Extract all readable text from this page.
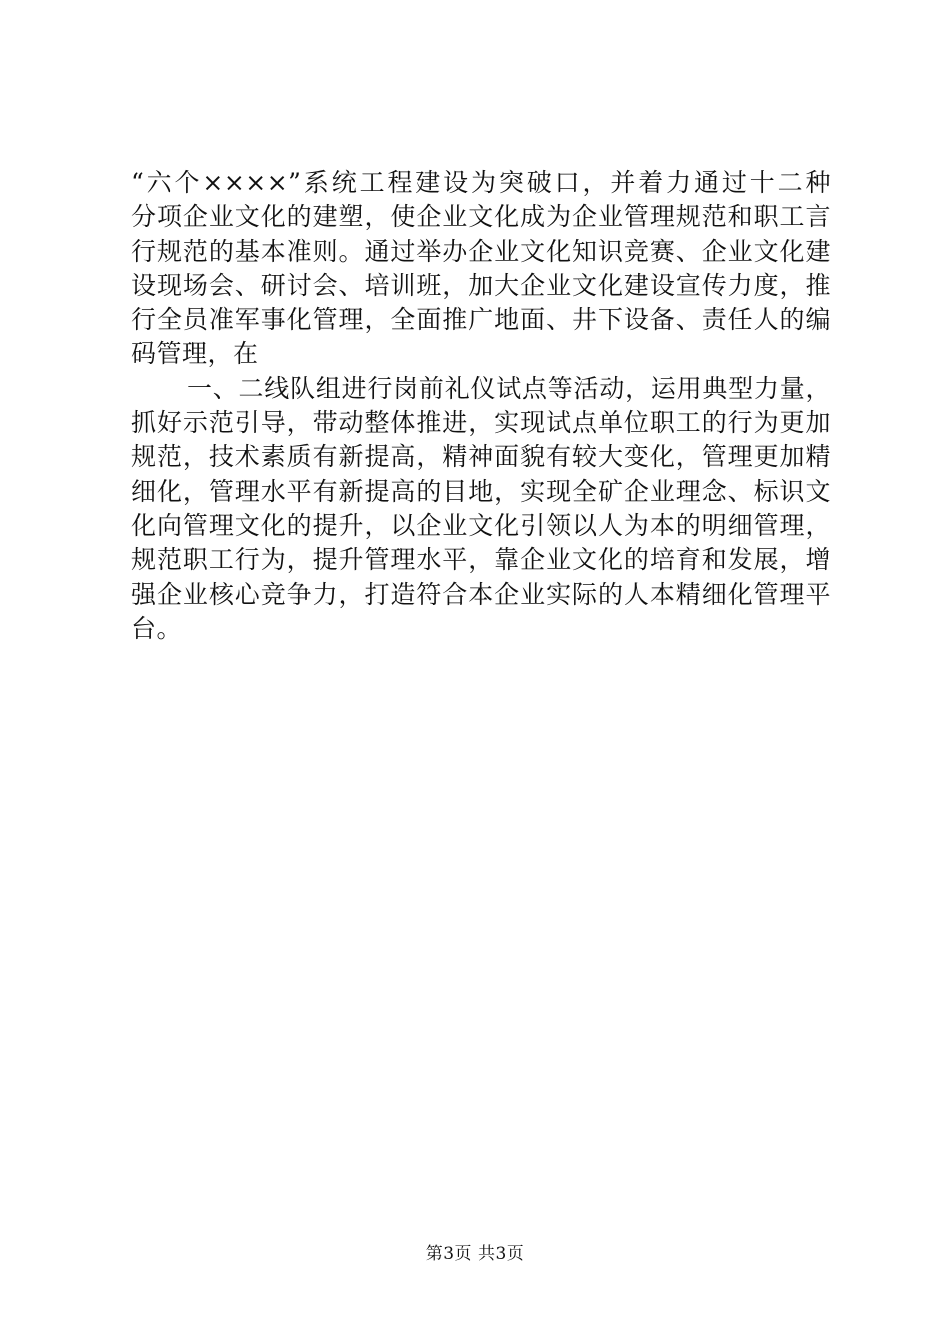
“六个××××”系统工程建设为突破口，并着力通过十二种
分项企业文化的建塑，使企业文化成为企业管理规范和职工言
行规范的基本准则。通过举办企业文化知识竞赛、企业文化建
设现场会、研讨会、培训班，加大企业文化建设宣传力度，推
行全员准军事化管理，全面推广地面、井下设备、责任人的编
码管理，在
一、二线队组进行岗前礼仪试点等活动，运用典型力量，
抓好示范引导，带动整体推进，实现试点单位职工的行为更加
规范，技术素质有新提高，精神面貌有较大变化，管理更加精
细化，管理水平有新提高的目地，实现全矿企业理念、标识文
化向管理文化的提升，以企业文化引领以人为本的明细管理，
规范职工行为，提升管理水平，靠企业文化的培育和发展，增
强企业核心竞争力，打造符合本企业实际的人本精细化管理平
台。
第3页 共3页
